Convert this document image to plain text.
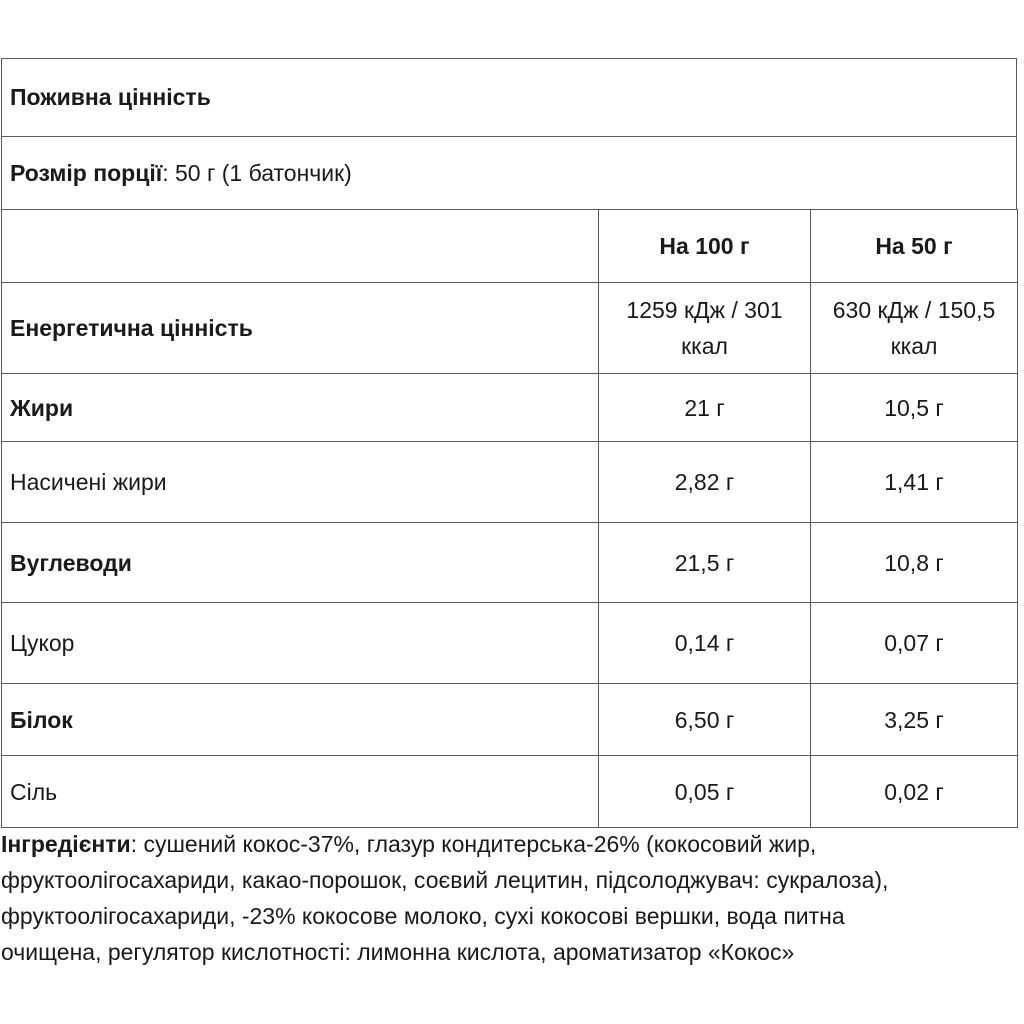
Поживна цінність
Розмір порції : 50 г (1 батончик)
	На 100 г	На 50 г
Енергетична цінність	1259 кДж / 301 ккал	630 кДж / 150,5 ккал
Жири	21 г	10,5 г
Насичені жири	2,82 г	1,41 г
Вуглеводи	21,5 г	10,8 г
Цукор	0,14 г	0,07 г
Білок	6,50 г	3,25 г
Сіль	0,05 г	0,02 г
Інгредієнти: сушений кокос-37%, глазур кондитерська-26% (кокосовий жир,
фруктоолігосахариди, какао-порошок, соєвий лецитин, підсолоджувач: сукралоза),
фруктоолігосахариди, -23% кокосове молоко, сухі кокосові вершки, вода питна
очищена, регулятор кислотності: лимонна кислота, ароматизатор «Кокос»
